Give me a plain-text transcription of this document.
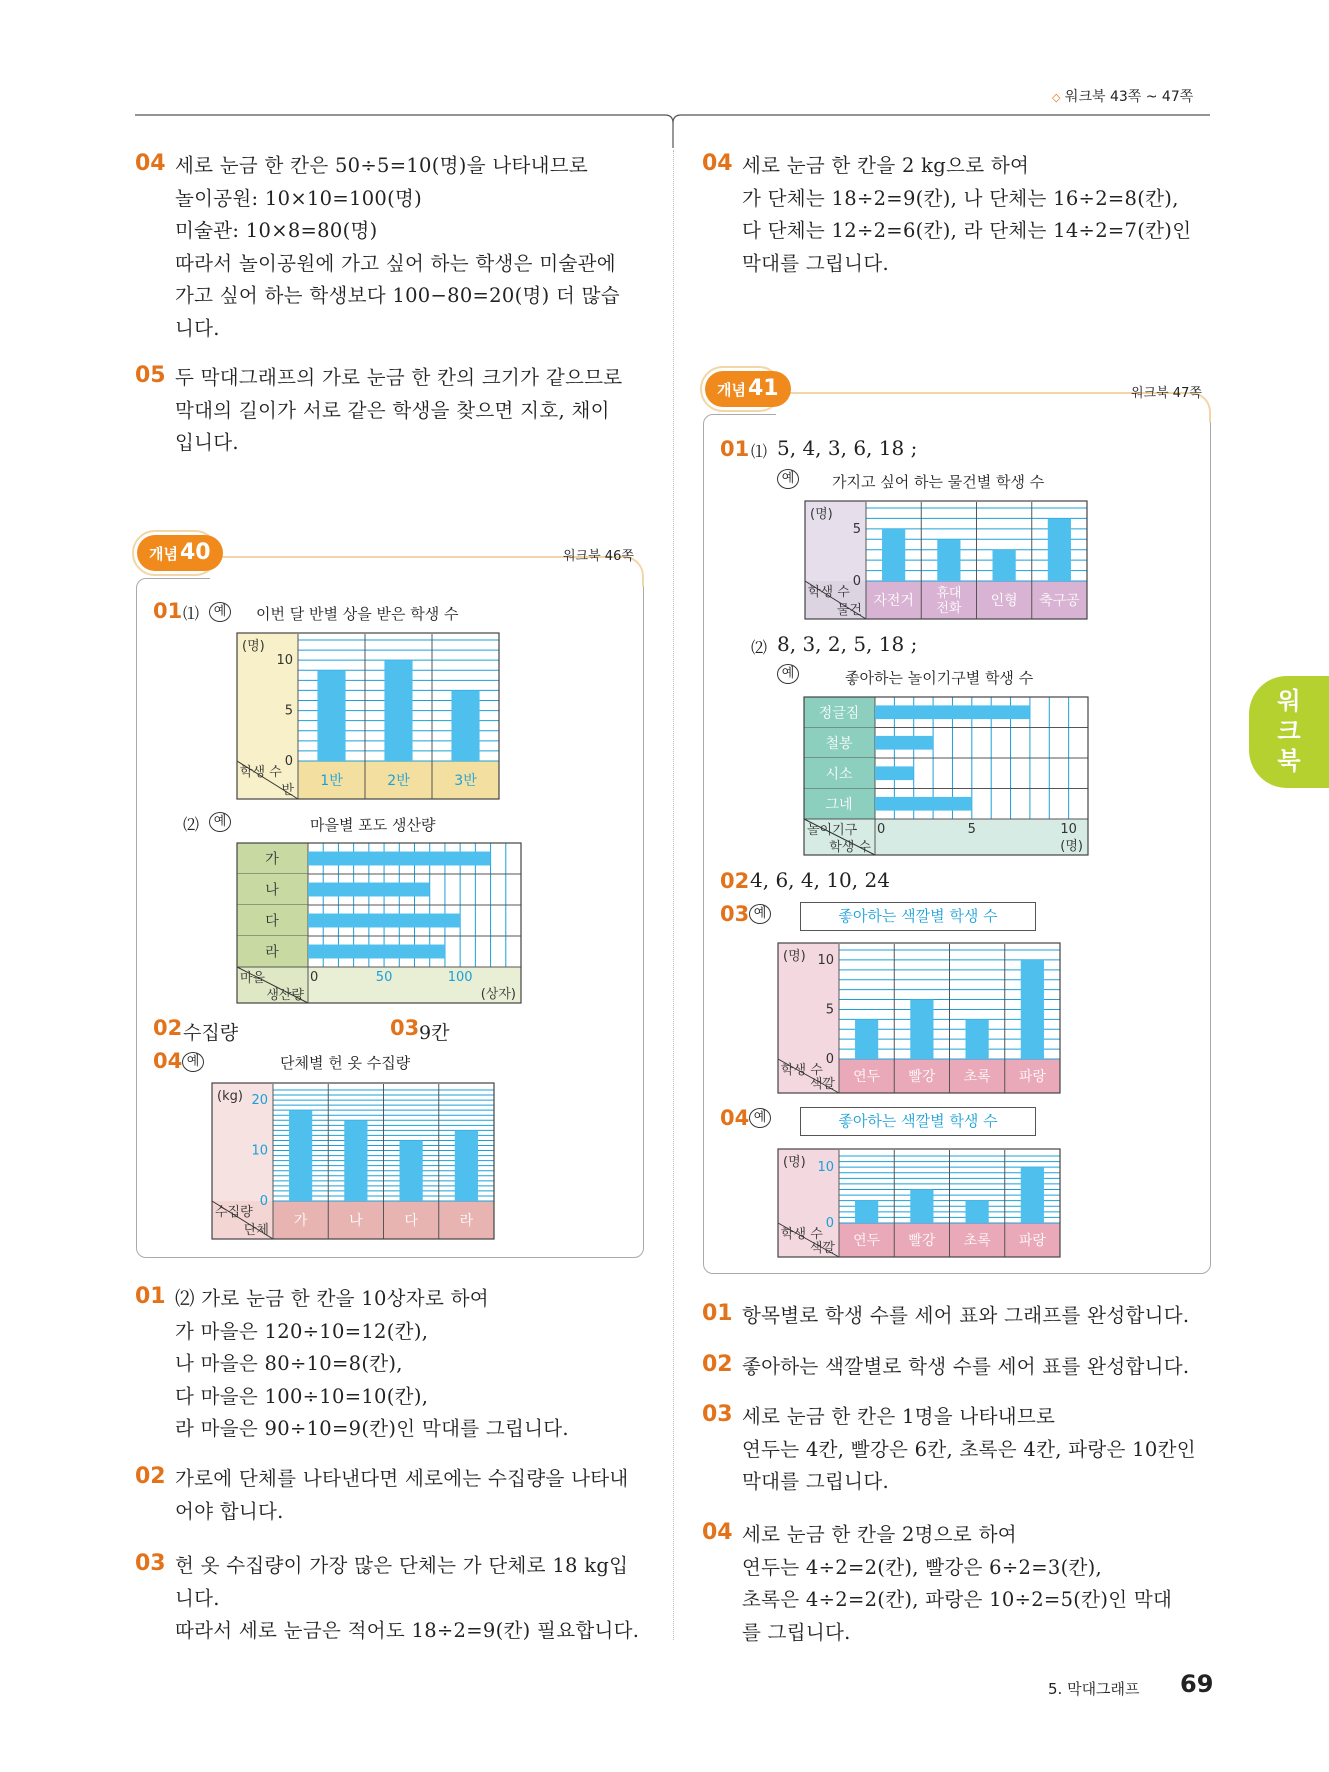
◇ 워크북 43쪽 ~ 47쪽
04 세로 눈금 한 칸은 50÷5=10(명)을 나타내므로
놀이공원: 10×10=100(명)
미술관: 10×8=80(명)
따라서 놀이공원에 가고 싶어 하는 학생은 미술관에
가고 싶어 하는 학생보다 100−80=20(명) 더 많습
니다.
05 두 막대그래프의 가로 눈금 한 칸의 크기가 같으므로
막대의 길이가 서로 같은 학생을 찾으면 지호, 채이
입니다.
04 세로 눈금 한 칸을 2 kg으로 하여
가 단체는 18÷2=9(칸), 나 단체는 16÷2=8(칸),
다 단체는 12÷2=6(칸), 라 단체는 14÷2=7(칸)인
막대를 그립니다.
개념40	워크북 46쪽
01 ⑴	예	이번 달 반별 상을 받은 학생 수
1반	2반	3반
0
5
10
(명)
학생 수
반
⑵	예	마을별 포도 생산량
가
나
다
라
0	50	100
(상자)
마을
생산량
02 수집량	03 9칸
04 예	단체별 헌 옷 수집량
가	나	다	라
0
10
20
(kg)
수집량
단체
개념41	워크북 47쪽
01 ⑴ 5, 4, 3, 6, 18 ;
예	가지고 싶어 하는 물건별 학생 수
자전거 휴대
전화 인형 축구공
0
5
(명)
학생 수
물건
⑵ 8, 3, 2, 5, 18 ;
예	좋아하는 놀이기구별 학생 수
정글짐
철봉
시소
그네
0	5	10
(명)
놀이기구
학생 수
02 4, 6, 4, 10, 24
03 예	좋아하는 색깔별 학생 수
연두 빨강 초록 파랑
0
5
10
(명)
학생 수
색깔
04 예	좋아하는 색깔별 학생 수
연두 빨강 초록 파랑
0
10
(명)
학생 수
색깔
01 ⑵ 가로 눈금 한 칸을 10상자로 하여
가 마을은 120÷10=12(칸),
나 마을은 80÷10=8(칸),
다 마을은 100÷10=10(칸),
라 마을은 90÷10=9(칸)인 막대를 그립니다.
02 가로에 단체를 나타낸다면 세로에는 수집량을 나타내
어야 합니다.
03 헌 옷 수집량이 가장 많은 단체는 가 단체로 18 kg입
니다.
따라서 세로 눈금은 적어도 18÷2=9(칸) 필요합니다.
01 항목별로 학생 수를 세어 표와 그래프를 완성합니다.
02 좋아하는 색깔별로 학생 수를 세어 표를 완성합니다.
03 세로 눈금 한 칸은 1명을 나타내므로
연두는 4칸, 빨강은 6칸, 초록은 4칸, 파랑은 10칸인
막대를 그립니다.
04 세로 눈금 한 칸을 2명으로 하여
연두는 4÷2=2(칸), 빨강은 6÷2=3(칸),
초록은 4÷2=2(칸), 파랑은 10÷2=5(칸)인 막대
를 그립니다.
워
크
북
5. 막대그래프 69
